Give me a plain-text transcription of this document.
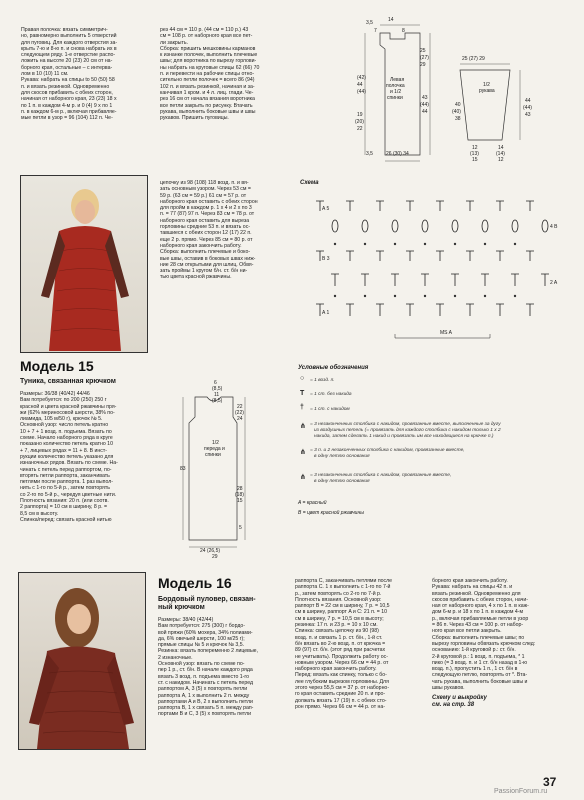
Правая полочка: вязать симметрич-
но, равномерно выполнить 5 отверстий
для пуговиц. Для каждого отверстия за-
крыть 7-ю и 8-ю п. и снова набрать их в
следующем ряду. 1-е отверстие распо-
ложить на высоте 20 (23) 20 см от на-
борного края, остальные – с интерва-
лом в 10 (10) 11 см.
Рукава: набрать на спицы to 50 (50) 58
п. и вязать резинкой. Одновременно
для скосов прибавить с обеих сторон,
начиная от наборного края, 23 (23) 18 х
по 1 п. в каждом 4-м р. и 0 (4) 9 х по 1
п. в каждом 6-м р., включая прибавляе-
мые петли в узор = 96 (104) 112 п. Че-
рез 44 см = 110 р. (44 см = 110 р.) 43
см = 108 р. от наборного края все пет-
ли закрыть.
Сборка: пришить мешковины карманов
к изнанке полочек, выполнить плечевые
швы; для воротника по вырезу горлови-
ны набрать на круговые спицы 62 (66) 70
п. и перевести на рабочие спицы отно-
сительно петли полочек = всего 86 (94)
102 п. и вязать резинкой, начиная и за-
канчивая 1 кром. и 4 л. лиц. глади. Че-
рез 16 см от начала вязания воротника
все петли закрыть по рисунку. Втачать
рукава, выполнить боковые швы и швы
рукавов. Пришить пуговицы.
14
3,5
7	8
25
(27)
29
(42)
44
(44)
Левая
полочка
и 1/2
спинки	43
(44)
44
19
(20)
22
3,5	26 (30) 34
25 (27) 29
1/2
рукава
44
(44)
43
40
(40)
38
12
(13)
15
14
(14)
12
цепочку из 98 (108) 118 возд. п. и вя-
зать основным узором. Через 53 см =
59 р. (63 см = 59 р.) 61 см = 57 р. от
наборного края оставить с обеих сторон
для пройм в каждом р. 1 х 4 и 2 х по 3
п. = 77 (87) 97 п. Через 83 см = 78 р. от
наборного края оставить для выреза
горловины средние 53 п. и вязать ос-
тавшиеся с обеих сторон 12 (17) 22 п.
еще 2 р. прямо. Через 85 см = 80 р. от
наборного края закончить работу.
Сборка: выполнить плечевые и боко-
вые швы, оставив в боковых швах ниж-
ние 28 см открытыми для шлиц. Обвя-
зать проймы 1 кругом б/н. ст. б/н ни-
тью цвета красной ржавчины.
Схема
A 5
B 3
A 1
4 B
2 A
MS A
Модель 15
Туника, связанная крючком
Размеры: 36/38 (40/42) 44/46
Вам потребуется: по 200 (250) 250 г
красной и цвета красной ржавчины пря-
жи (62% мериносовой шерсти, 38% по-
лиамида, 105 м/50 г), крючок № 5.
Основной узор: число петель кратно
10 + 7 + 1 возд. п. подъема. Вязать по
схеме. Начало наборного ряда в круге
показано количество петель кратно 10
+ 7, лицевых рядах = 11 + 8. В инст-
рукции количество петель указано для
изнаночных рядов. Вязать по схеме. На-
чинать с петель перед раппортом, по-
вторять петли раппорта, заканчивать
петлями после раппорта. 1 раз выпол-
нить с 1-го по 5-й р., затем повторять
со 2-го по 5-й р., чередуя цветные нити.
Плотность вязания: 20 п. (или соотв.
2 раппорта) = 10 см в ширину, 8 р. =
8,5 см в высоту.
Спинка/перед: связать красной нитью
6
(8,5)
11
(8,5)
22
(22)
24
1/2
переда и
спинки
83
28
(18)
15
5
24 (26,5)
29
Условные обозначения
○ = 1 возд. п.
T = 1 ст. без накида
† = 1 ст. с накидом
⋔ = 3 незаконченных столбика с накидом, провязанные вместе, выполненные за дугу
из воздушных петель (= провязать для каждого столбика с накидом только 1 х 2
накида, затем сделать 1 накид и провязать им все находящиеся на крючке п.)
⋔ = 3 п. и 2 незаконченных столбика с накидом, провязанные вместе,
в одну петлю основания
⋔ = 3 незаконченных столбика с накидом, провязанные вместе,
в одну петлю основания
A = красный
B = цвет красной ржавчины
Модель 16
Бордовый пуловер, связан-
ный крючком
Размеры: 38/40 (42/44)
Вам потребуется: 275 (300) г бордо-
вой пряжи (60% мохера, 34% полиами-
да, 6% овечьей шерсти, 100 м/25 г);
прямые спицы № 5 и крючок № 3,5.
Резинка: вязать попеременно 2 лицевые,
2 изнаночные.
Основной узор: вязать по схеме по-
пер 1 р., ст. б/н. В начале каждого ряда
вязать 3 возд. п. подъема вместо 1-го
ст. с накидом. Начинать с петель перед
раппортом A, 3 (5) х повторять петли
раппорта A, 1 х выполнить 2 п. между
раппортами A и B, 2 х выполнить петли
раппорта B, 1 х связать 5 п. между рап-
портами B и C, 3 (5) х повторять петли
раппорта C, заканчивать петлями после
раппорта C. 1 х выполнить с 1-го по 7-й
р., затем повторять со 2-го по 7-й р.
Плотность вязания. Основной узор:
раппорт B = 22 см в ширину, 7 р. = 10,5
см в ширину, раппорт A и C: 21 п. = 10
см в ширину, 7 р. = 10,5 см в высоту;
резинка: 17 п. и 23 р. = 10 х 10 см.
Спинка: связать цепочку из 90 (98)
возд. п. и связать 1 р. ст. б/н., 1-й ст.
б/н вязать во 2-ю возд. п. от крючка =
89 (97) ст. б/н. (этот ряд при расчетах
не учитывать). Продолжить работу ос-
новным узором. Через 66 см = 44 р. от
наборного края закончить работу.
Перед: вязать как спинку, только с бо-
лее глубоким вырезом горловины. Для
этого через 55,5 см = 37 р. от наборно-
го края оставить средние 20 п. и про-
должать вязать 17 (19) п. с обеих сто-
рон прямо. Через 66 см = 44 р. от на-
борного края закончить работу.
Рукава: набрать на спицы 42 п. и
вязать резинкой. Одновременно для
скосов прибавить с обеих сторон, начи-
ная от наборного края, 4 х по 1 п. в каж-
дом 6-м р. и 18 х по 1 п. в каждом 4-м
р., включая прибавляемые петли в узор
= 86 п. Через 43 см = 100 р. от набор-
ного края все петли закрыть.
Сборка: выполнить плечевые швы; по
вырезу горловины обвязать крючком след:
основанию: 1-й круговой р.: ст. б/н.
2-й круговой р.: 1 возд. п. подъема, * 1
пико (= 3 возд. п. и 1 ст. б/н назад в 1-ю
возд. п.), пропустить 1 п., 1 ст. б/н в
следующую петлю, повторять от *. Вта-
чать рукава, выполнить боковые швы и
швы рукавов.
Схему и выкройку
см. на стр. 38
37
PassionForum.ru
